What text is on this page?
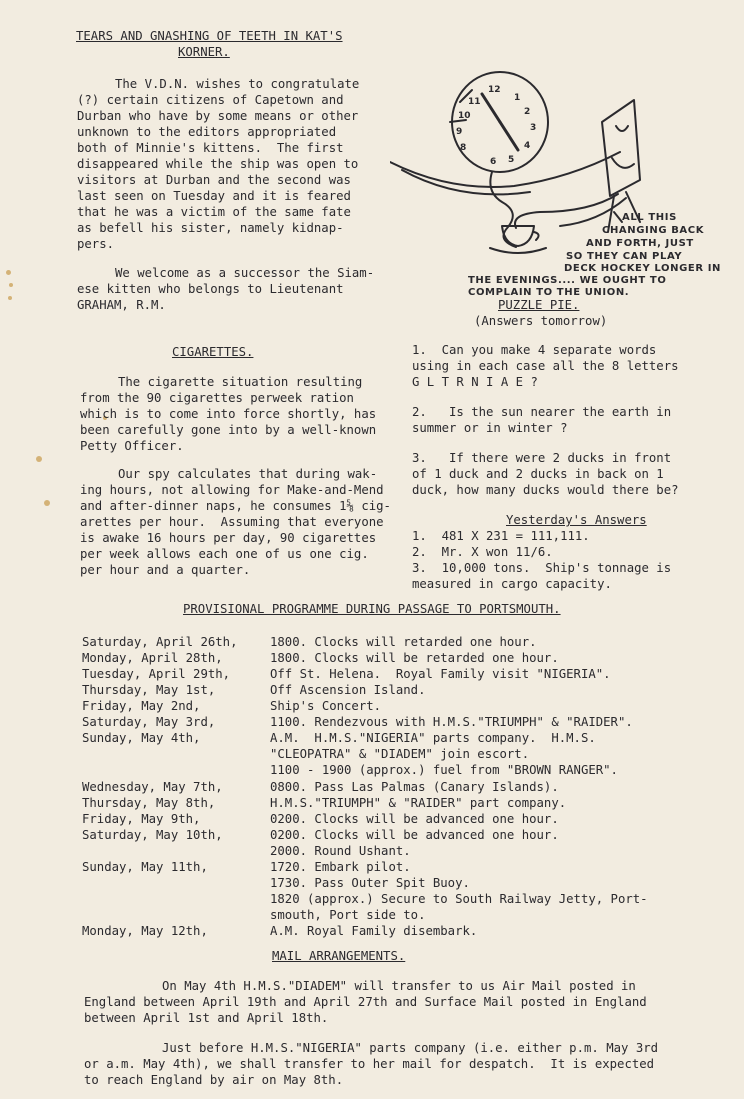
TEARS AND GNASHING OF TEETH IN KAT'S
KORNER.
The V.D.N. wishes to congratulate
(?) certain citizens of Capetown and
Durban who have by some means or other
unknown to the editors appropriated
both of Minnie's kittens.  The first
disappeared while the ship was open to
visitors at Durban and the second was
last seen on Tuesday and it is feared
that he was a victim of the same fate
as befell his sister, namely kidnap-
pers.
We welcome as a successor the Siam-
ese kitten who belongs to Lieutenant
GRAHAM, R.M.
12
11
10
1
2
3
4
5
6
8
9
ALL THIS
CHANGING BACK
AND FORTH, JUST
SO THEY CAN PLAY
DECK HOCKEY LONGER IN
THE EVENINGS.... WE OUGHT TO
COMPLAIN TO THE UNION.
PUZZLE PIE.
(Answers tomorrow)
1.  Can you make 4 separate words
using in each case all the 8 letters
G L T R N I A E ?
2.   Is the sun nearer the earth in
summer or in winter ?
3.   If there were 2 ducks in front
of 1 duck and 2 ducks in back on 1
duck, how many ducks would there be?
Yesterday's Answers
1.  481 X 231 = 111,111.
2.  Mr. X won 11/6.
3.  10,000 tons.  Ship's tonnage is
measured in cargo capacity.
CIGARETTES.
The cigarette situation resulting
from the 90 cigarettes perweek ration
which is to come into force shortly, has
been carefully gone into by a well-known
Petty Officer.
Our spy calculates that during wak-
ing hours, not allowing for Make-and-Mend
and after-dinner naps, he consumes 1⅝ cig-
arettes per hour.  Assuming that everyone
is awake 16 hours per day, 90 cigarettes
per week allows each one of us one cig.
per hour and a quarter.
PROVISIONAL PROGRAMME DURING PASSAGE TO PORTSMOUTH.
Saturday, April 26th,	1800. Clocks will retarded one hour.
Monday, April 28th,	1800. Clocks will be retarded one hour.
Tuesday, April 29th,	Off St. Helena.  Royal Family visit "NIGERIA".
Thursday, May 1st,	Off Ascension Island.
Friday, May 2nd,	Ship's Concert.
Saturday, May 3rd,	1100. Rendezvous with H.M.S."TRIUMPH" & "RAIDER".
Sunday, May 4th,	A.M.  H.M.S."NIGERIA" parts company.  H.M.S.
"CLEOPATRA" & "DIADEM" join escort.
1100 - 1900 (approx.) fuel from "BROWN RANGER".
Wednesday, May 7th,	0800. Pass Las Palmas (Canary Islands).
Thursday, May 8th,	H.M.S."TRIUMPH" & "RAIDER" part company.
Friday, May 9th,	0200. Clocks will be advanced one hour.
Saturday, May 10th,	0200. Clocks will be advanced one hour.
2000. Round Ushant.
Sunday, May 11th,	1720. Embark pilot.
1730. Pass Outer Spit Buoy.
1820 (approx.) Secure to South Railway Jetty, Port-
smouth, Port side to.
Monday, May 12th,	A.M. Royal Family disembark.
MAIL ARRANGEMENTS.
On May 4th H.M.S."DIADEM" will transfer to us Air Mail posted in
England between April 19th and April 27th and Surface Mail posted in England
between April 1st and April 18th.
Just before H.M.S."NIGERIA" parts company (i.e. either p.m. May 3rd
or a.m. May 4th), we shall transfer to her mail for despatch.  It is expected
to reach England by air on May 8th.
